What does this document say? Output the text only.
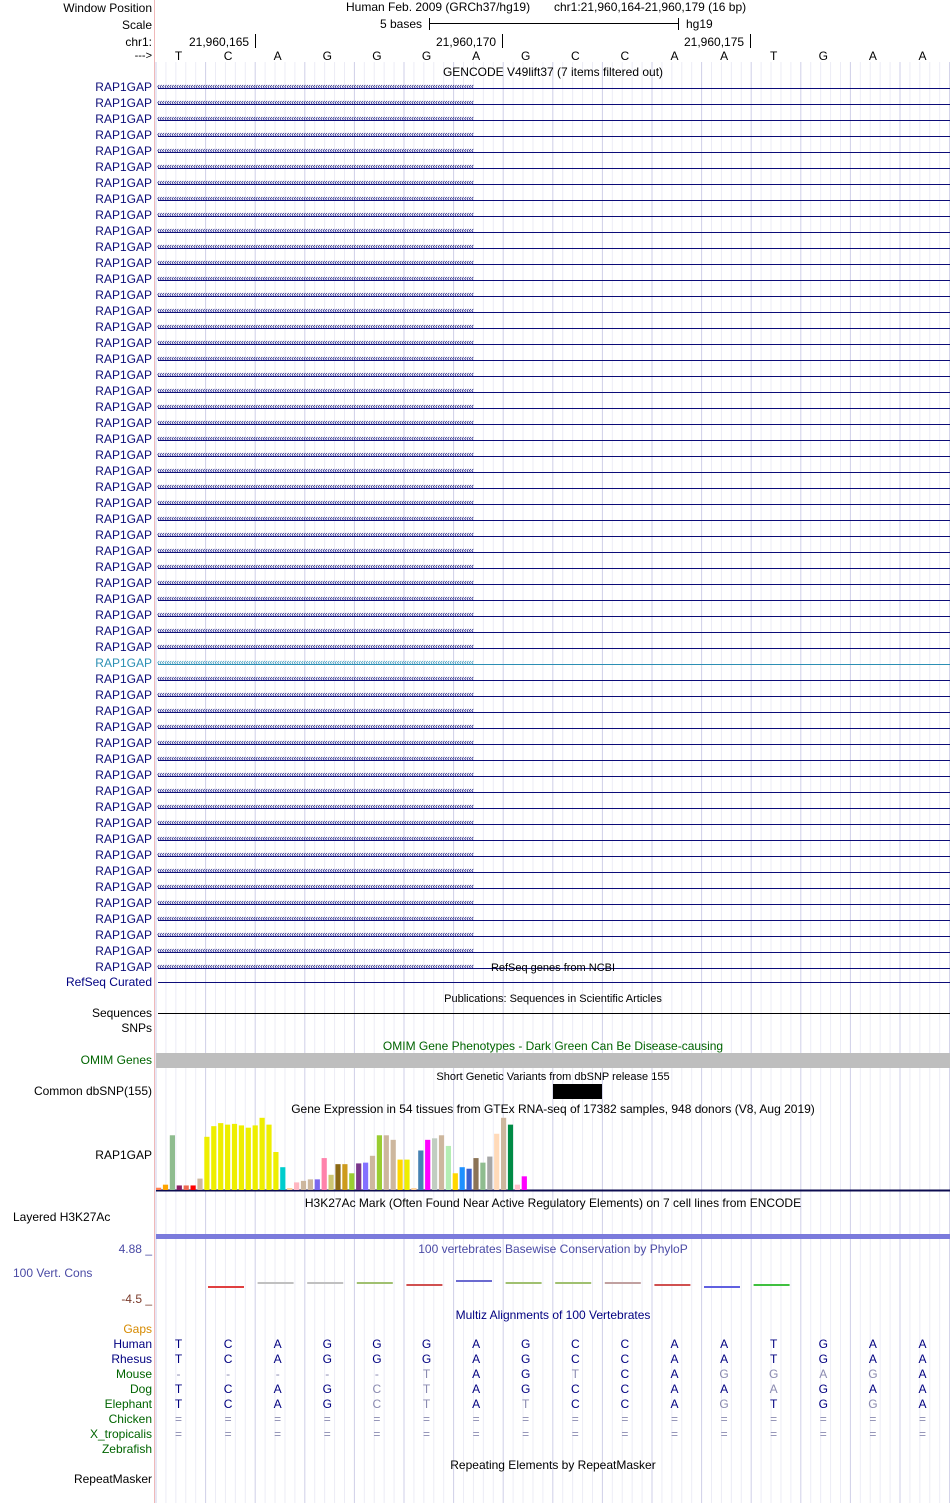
Window Position	Human Feb. 2009 (GRCh37/hg19) chr1:21,960,164-21,960,179 (16 bp)
Scale	5 bases	hg19
chr1:	21,960,165	21,960,170	21,960,175
--->	T	C	A	G	G	G	A	G	C	C	A	A	T	G	A	A
GENCODE V49lift37 (7 items filtered out)
RAP1GAP ‹‹‹‹‹‹‹‹‹‹‹‹‹‹‹‹‹‹‹‹‹‹‹‹‹‹‹‹‹‹‹‹‹‹‹‹‹‹‹‹‹‹‹‹‹‹‹‹‹‹‹‹‹‹‹‹‹‹‹‹‹‹‹‹‹‹‹‹‹‹‹‹‹‹‹‹‹‹‹‹‹‹‹‹‹‹‹‹‹‹‹‹‹‹‹‹‹‹‹‹‹‹‹‹‹‹‹‹‹‹‹‹‹‹‹‹‹‹‹‹‹‹‹‹‹‹‹‹‹‹‹‹
RAP1GAP ‹‹‹‹‹‹‹‹‹‹‹‹‹‹‹‹‹‹‹‹‹‹‹‹‹‹‹‹‹‹‹‹‹‹‹‹‹‹‹‹‹‹‹‹‹‹‹‹‹‹‹‹‹‹‹‹‹‹‹‹‹‹‹‹‹‹‹‹‹‹‹‹‹‹‹‹‹‹‹‹‹‹‹‹‹‹‹‹‹‹‹‹‹‹‹‹‹‹‹‹‹‹‹‹‹‹‹‹‹‹‹‹‹‹‹‹‹‹‹‹‹‹‹‹‹‹‹‹‹‹‹‹
RAP1GAP ‹‹‹‹‹‹‹‹‹‹‹‹‹‹‹‹‹‹‹‹‹‹‹‹‹‹‹‹‹‹‹‹‹‹‹‹‹‹‹‹‹‹‹‹‹‹‹‹‹‹‹‹‹‹‹‹‹‹‹‹‹‹‹‹‹‹‹‹‹‹‹‹‹‹‹‹‹‹‹‹‹‹‹‹‹‹‹‹‹‹‹‹‹‹‹‹‹‹‹‹‹‹‹‹‹‹‹‹‹‹‹‹‹‹‹‹‹‹‹‹‹‹‹‹‹‹‹‹‹‹‹‹
RAP1GAP ‹‹‹‹‹‹‹‹‹‹‹‹‹‹‹‹‹‹‹‹‹‹‹‹‹‹‹‹‹‹‹‹‹‹‹‹‹‹‹‹‹‹‹‹‹‹‹‹‹‹‹‹‹‹‹‹‹‹‹‹‹‹‹‹‹‹‹‹‹‹‹‹‹‹‹‹‹‹‹‹‹‹‹‹‹‹‹‹‹‹‹‹‹‹‹‹‹‹‹‹‹‹‹‹‹‹‹‹‹‹‹‹‹‹‹‹‹‹‹‹‹‹‹‹‹‹‹‹‹‹‹‹
RAP1GAP ‹‹‹‹‹‹‹‹‹‹‹‹‹‹‹‹‹‹‹‹‹‹‹‹‹‹‹‹‹‹‹‹‹‹‹‹‹‹‹‹‹‹‹‹‹‹‹‹‹‹‹‹‹‹‹‹‹‹‹‹‹‹‹‹‹‹‹‹‹‹‹‹‹‹‹‹‹‹‹‹‹‹‹‹‹‹‹‹‹‹‹‹‹‹‹‹‹‹‹‹‹‹‹‹‹‹‹‹‹‹‹‹‹‹‹‹‹‹‹‹‹‹‹‹‹‹‹‹‹‹‹‹
RAP1GAP ‹‹‹‹‹‹‹‹‹‹‹‹‹‹‹‹‹‹‹‹‹‹‹‹‹‹‹‹‹‹‹‹‹‹‹‹‹‹‹‹‹‹‹‹‹‹‹‹‹‹‹‹‹‹‹‹‹‹‹‹‹‹‹‹‹‹‹‹‹‹‹‹‹‹‹‹‹‹‹‹‹‹‹‹‹‹‹‹‹‹‹‹‹‹‹‹‹‹‹‹‹‹‹‹‹‹‹‹‹‹‹‹‹‹‹‹‹‹‹‹‹‹‹‹‹‹‹‹‹‹‹‹
RAP1GAP ‹‹‹‹‹‹‹‹‹‹‹‹‹‹‹‹‹‹‹‹‹‹‹‹‹‹‹‹‹‹‹‹‹‹‹‹‹‹‹‹‹‹‹‹‹‹‹‹‹‹‹‹‹‹‹‹‹‹‹‹‹‹‹‹‹‹‹‹‹‹‹‹‹‹‹‹‹‹‹‹‹‹‹‹‹‹‹‹‹‹‹‹‹‹‹‹‹‹‹‹‹‹‹‹‹‹‹‹‹‹‹‹‹‹‹‹‹‹‹‹‹‹‹‹‹‹‹‹‹‹‹‹
RAP1GAP ‹‹‹‹‹‹‹‹‹‹‹‹‹‹‹‹‹‹‹‹‹‹‹‹‹‹‹‹‹‹‹‹‹‹‹‹‹‹‹‹‹‹‹‹‹‹‹‹‹‹‹‹‹‹‹‹‹‹‹‹‹‹‹‹‹‹‹‹‹‹‹‹‹‹‹‹‹‹‹‹‹‹‹‹‹‹‹‹‹‹‹‹‹‹‹‹‹‹‹‹‹‹‹‹‹‹‹‹‹‹‹‹‹‹‹‹‹‹‹‹‹‹‹‹‹‹‹‹‹‹‹‹
RAP1GAP ‹‹‹‹‹‹‹‹‹‹‹‹‹‹‹‹‹‹‹‹‹‹‹‹‹‹‹‹‹‹‹‹‹‹‹‹‹‹‹‹‹‹‹‹‹‹‹‹‹‹‹‹‹‹‹‹‹‹‹‹‹‹‹‹‹‹‹‹‹‹‹‹‹‹‹‹‹‹‹‹‹‹‹‹‹‹‹‹‹‹‹‹‹‹‹‹‹‹‹‹‹‹‹‹‹‹‹‹‹‹‹‹‹‹‹‹‹‹‹‹‹‹‹‹‹‹‹‹‹‹‹‹
RAP1GAP ‹‹‹‹‹‹‹‹‹‹‹‹‹‹‹‹‹‹‹‹‹‹‹‹‹‹‹‹‹‹‹‹‹‹‹‹‹‹‹‹‹‹‹‹‹‹‹‹‹‹‹‹‹‹‹‹‹‹‹‹‹‹‹‹‹‹‹‹‹‹‹‹‹‹‹‹‹‹‹‹‹‹‹‹‹‹‹‹‹‹‹‹‹‹‹‹‹‹‹‹‹‹‹‹‹‹‹‹‹‹‹‹‹‹‹‹‹‹‹‹‹‹‹‹‹‹‹‹‹‹‹‹
RAP1GAP ‹‹‹‹‹‹‹‹‹‹‹‹‹‹‹‹‹‹‹‹‹‹‹‹‹‹‹‹‹‹‹‹‹‹‹‹‹‹‹‹‹‹‹‹‹‹‹‹‹‹‹‹‹‹‹‹‹‹‹‹‹‹‹‹‹‹‹‹‹‹‹‹‹‹‹‹‹‹‹‹‹‹‹‹‹‹‹‹‹‹‹‹‹‹‹‹‹‹‹‹‹‹‹‹‹‹‹‹‹‹‹‹‹‹‹‹‹‹‹‹‹‹‹‹‹‹‹‹‹‹‹‹
RAP1GAP ‹‹‹‹‹‹‹‹‹‹‹‹‹‹‹‹‹‹‹‹‹‹‹‹‹‹‹‹‹‹‹‹‹‹‹‹‹‹‹‹‹‹‹‹‹‹‹‹‹‹‹‹‹‹‹‹‹‹‹‹‹‹‹‹‹‹‹‹‹‹‹‹‹‹‹‹‹‹‹‹‹‹‹‹‹‹‹‹‹‹‹‹‹‹‹‹‹‹‹‹‹‹‹‹‹‹‹‹‹‹‹‹‹‹‹‹‹‹‹‹‹‹‹‹‹‹‹‹‹‹‹‹
RAP1GAP ‹‹‹‹‹‹‹‹‹‹‹‹‹‹‹‹‹‹‹‹‹‹‹‹‹‹‹‹‹‹‹‹‹‹‹‹‹‹‹‹‹‹‹‹‹‹‹‹‹‹‹‹‹‹‹‹‹‹‹‹‹‹‹‹‹‹‹‹‹‹‹‹‹‹‹‹‹‹‹‹‹‹‹‹‹‹‹‹‹‹‹‹‹‹‹‹‹‹‹‹‹‹‹‹‹‹‹‹‹‹‹‹‹‹‹‹‹‹‹‹‹‹‹‹‹‹‹‹‹‹‹‹
RAP1GAP ‹‹‹‹‹‹‹‹‹‹‹‹‹‹‹‹‹‹‹‹‹‹‹‹‹‹‹‹‹‹‹‹‹‹‹‹‹‹‹‹‹‹‹‹‹‹‹‹‹‹‹‹‹‹‹‹‹‹‹‹‹‹‹‹‹‹‹‹‹‹‹‹‹‹‹‹‹‹‹‹‹‹‹‹‹‹‹‹‹‹‹‹‹‹‹‹‹‹‹‹‹‹‹‹‹‹‹‹‹‹‹‹‹‹‹‹‹‹‹‹‹‹‹‹‹‹‹‹‹‹‹‹
RAP1GAP ‹‹‹‹‹‹‹‹‹‹‹‹‹‹‹‹‹‹‹‹‹‹‹‹‹‹‹‹‹‹‹‹‹‹‹‹‹‹‹‹‹‹‹‹‹‹‹‹‹‹‹‹‹‹‹‹‹‹‹‹‹‹‹‹‹‹‹‹‹‹‹‹‹‹‹‹‹‹‹‹‹‹‹‹‹‹‹‹‹‹‹‹‹‹‹‹‹‹‹‹‹‹‹‹‹‹‹‹‹‹‹‹‹‹‹‹‹‹‹‹‹‹‹‹‹‹‹‹‹‹‹‹
RAP1GAP ‹‹‹‹‹‹‹‹‹‹‹‹‹‹‹‹‹‹‹‹‹‹‹‹‹‹‹‹‹‹‹‹‹‹‹‹‹‹‹‹‹‹‹‹‹‹‹‹‹‹‹‹‹‹‹‹‹‹‹‹‹‹‹‹‹‹‹‹‹‹‹‹‹‹‹‹‹‹‹‹‹‹‹‹‹‹‹‹‹‹‹‹‹‹‹‹‹‹‹‹‹‹‹‹‹‹‹‹‹‹‹‹‹‹‹‹‹‹‹‹‹‹‹‹‹‹‹‹‹‹‹‹
RAP1GAP ‹‹‹‹‹‹‹‹‹‹‹‹‹‹‹‹‹‹‹‹‹‹‹‹‹‹‹‹‹‹‹‹‹‹‹‹‹‹‹‹‹‹‹‹‹‹‹‹‹‹‹‹‹‹‹‹‹‹‹‹‹‹‹‹‹‹‹‹‹‹‹‹‹‹‹‹‹‹‹‹‹‹‹‹‹‹‹‹‹‹‹‹‹‹‹‹‹‹‹‹‹‹‹‹‹‹‹‹‹‹‹‹‹‹‹‹‹‹‹‹‹‹‹‹‹‹‹‹‹‹‹‹
RAP1GAP ‹‹‹‹‹‹‹‹‹‹‹‹‹‹‹‹‹‹‹‹‹‹‹‹‹‹‹‹‹‹‹‹‹‹‹‹‹‹‹‹‹‹‹‹‹‹‹‹‹‹‹‹‹‹‹‹‹‹‹‹‹‹‹‹‹‹‹‹‹‹‹‹‹‹‹‹‹‹‹‹‹‹‹‹‹‹‹‹‹‹‹‹‹‹‹‹‹‹‹‹‹‹‹‹‹‹‹‹‹‹‹‹‹‹‹‹‹‹‹‹‹‹‹‹‹‹‹‹‹‹‹‹
RAP1GAP ‹‹‹‹‹‹‹‹‹‹‹‹‹‹‹‹‹‹‹‹‹‹‹‹‹‹‹‹‹‹‹‹‹‹‹‹‹‹‹‹‹‹‹‹‹‹‹‹‹‹‹‹‹‹‹‹‹‹‹‹‹‹‹‹‹‹‹‹‹‹‹‹‹‹‹‹‹‹‹‹‹‹‹‹‹‹‹‹‹‹‹‹‹‹‹‹‹‹‹‹‹‹‹‹‹‹‹‹‹‹‹‹‹‹‹‹‹‹‹‹‹‹‹‹‹‹‹‹‹‹‹‹
RAP1GAP ‹‹‹‹‹‹‹‹‹‹‹‹‹‹‹‹‹‹‹‹‹‹‹‹‹‹‹‹‹‹‹‹‹‹‹‹‹‹‹‹‹‹‹‹‹‹‹‹‹‹‹‹‹‹‹‹‹‹‹‹‹‹‹‹‹‹‹‹‹‹‹‹‹‹‹‹‹‹‹‹‹‹‹‹‹‹‹‹‹‹‹‹‹‹‹‹‹‹‹‹‹‹‹‹‹‹‹‹‹‹‹‹‹‹‹‹‹‹‹‹‹‹‹‹‹‹‹‹‹‹‹‹
RAP1GAP ‹‹‹‹‹‹‹‹‹‹‹‹‹‹‹‹‹‹‹‹‹‹‹‹‹‹‹‹‹‹‹‹‹‹‹‹‹‹‹‹‹‹‹‹‹‹‹‹‹‹‹‹‹‹‹‹‹‹‹‹‹‹‹‹‹‹‹‹‹‹‹‹‹‹‹‹‹‹‹‹‹‹‹‹‹‹‹‹‹‹‹‹‹‹‹‹‹‹‹‹‹‹‹‹‹‹‹‹‹‹‹‹‹‹‹‹‹‹‹‹‹‹‹‹‹‹‹‹‹‹‹‹
RAP1GAP ‹‹‹‹‹‹‹‹‹‹‹‹‹‹‹‹‹‹‹‹‹‹‹‹‹‹‹‹‹‹‹‹‹‹‹‹‹‹‹‹‹‹‹‹‹‹‹‹‹‹‹‹‹‹‹‹‹‹‹‹‹‹‹‹‹‹‹‹‹‹‹‹‹‹‹‹‹‹‹‹‹‹‹‹‹‹‹‹‹‹‹‹‹‹‹‹‹‹‹‹‹‹‹‹‹‹‹‹‹‹‹‹‹‹‹‹‹‹‹‹‹‹‹‹‹‹‹‹‹‹‹‹
RAP1GAP ‹‹‹‹‹‹‹‹‹‹‹‹‹‹‹‹‹‹‹‹‹‹‹‹‹‹‹‹‹‹‹‹‹‹‹‹‹‹‹‹‹‹‹‹‹‹‹‹‹‹‹‹‹‹‹‹‹‹‹‹‹‹‹‹‹‹‹‹‹‹‹‹‹‹‹‹‹‹‹‹‹‹‹‹‹‹‹‹‹‹‹‹‹‹‹‹‹‹‹‹‹‹‹‹‹‹‹‹‹‹‹‹‹‹‹‹‹‹‹‹‹‹‹‹‹‹‹‹‹‹‹‹
RAP1GAP ‹‹‹‹‹‹‹‹‹‹‹‹‹‹‹‹‹‹‹‹‹‹‹‹‹‹‹‹‹‹‹‹‹‹‹‹‹‹‹‹‹‹‹‹‹‹‹‹‹‹‹‹‹‹‹‹‹‹‹‹‹‹‹‹‹‹‹‹‹‹‹‹‹‹‹‹‹‹‹‹‹‹‹‹‹‹‹‹‹‹‹‹‹‹‹‹‹‹‹‹‹‹‹‹‹‹‹‹‹‹‹‹‹‹‹‹‹‹‹‹‹‹‹‹‹‹‹‹‹‹‹‹
RAP1GAP ‹‹‹‹‹‹‹‹‹‹‹‹‹‹‹‹‹‹‹‹‹‹‹‹‹‹‹‹‹‹‹‹‹‹‹‹‹‹‹‹‹‹‹‹‹‹‹‹‹‹‹‹‹‹‹‹‹‹‹‹‹‹‹‹‹‹‹‹‹‹‹‹‹‹‹‹‹‹‹‹‹‹‹‹‹‹‹‹‹‹‹‹‹‹‹‹‹‹‹‹‹‹‹‹‹‹‹‹‹‹‹‹‹‹‹‹‹‹‹‹‹‹‹‹‹‹‹‹‹‹‹‹
RAP1GAP ‹‹‹‹‹‹‹‹‹‹‹‹‹‹‹‹‹‹‹‹‹‹‹‹‹‹‹‹‹‹‹‹‹‹‹‹‹‹‹‹‹‹‹‹‹‹‹‹‹‹‹‹‹‹‹‹‹‹‹‹‹‹‹‹‹‹‹‹‹‹‹‹‹‹‹‹‹‹‹‹‹‹‹‹‹‹‹‹‹‹‹‹‹‹‹‹‹‹‹‹‹‹‹‹‹‹‹‹‹‹‹‹‹‹‹‹‹‹‹‹‹‹‹‹‹‹‹‹‹‹‹‹
RAP1GAP ‹‹‹‹‹‹‹‹‹‹‹‹‹‹‹‹‹‹‹‹‹‹‹‹‹‹‹‹‹‹‹‹‹‹‹‹‹‹‹‹‹‹‹‹‹‹‹‹‹‹‹‹‹‹‹‹‹‹‹‹‹‹‹‹‹‹‹‹‹‹‹‹‹‹‹‹‹‹‹‹‹‹‹‹‹‹‹‹‹‹‹‹‹‹‹‹‹‹‹‹‹‹‹‹‹‹‹‹‹‹‹‹‹‹‹‹‹‹‹‹‹‹‹‹‹‹‹‹‹‹‹‹
RAP1GAP ‹‹‹‹‹‹‹‹‹‹‹‹‹‹‹‹‹‹‹‹‹‹‹‹‹‹‹‹‹‹‹‹‹‹‹‹‹‹‹‹‹‹‹‹‹‹‹‹‹‹‹‹‹‹‹‹‹‹‹‹‹‹‹‹‹‹‹‹‹‹‹‹‹‹‹‹‹‹‹‹‹‹‹‹‹‹‹‹‹‹‹‹‹‹‹‹‹‹‹‹‹‹‹‹‹‹‹‹‹‹‹‹‹‹‹‹‹‹‹‹‹‹‹‹‹‹‹‹‹‹‹‹
RAP1GAP ‹‹‹‹‹‹‹‹‹‹‹‹‹‹‹‹‹‹‹‹‹‹‹‹‹‹‹‹‹‹‹‹‹‹‹‹‹‹‹‹‹‹‹‹‹‹‹‹‹‹‹‹‹‹‹‹‹‹‹‹‹‹‹‹‹‹‹‹‹‹‹‹‹‹‹‹‹‹‹‹‹‹‹‹‹‹‹‹‹‹‹‹‹‹‹‹‹‹‹‹‹‹‹‹‹‹‹‹‹‹‹‹‹‹‹‹‹‹‹‹‹‹‹‹‹‹‹‹‹‹‹‹
RAP1GAP ‹‹‹‹‹‹‹‹‹‹‹‹‹‹‹‹‹‹‹‹‹‹‹‹‹‹‹‹‹‹‹‹‹‹‹‹‹‹‹‹‹‹‹‹‹‹‹‹‹‹‹‹‹‹‹‹‹‹‹‹‹‹‹‹‹‹‹‹‹‹‹‹‹‹‹‹‹‹‹‹‹‹‹‹‹‹‹‹‹‹‹‹‹‹‹‹‹‹‹‹‹‹‹‹‹‹‹‹‹‹‹‹‹‹‹‹‹‹‹‹‹‹‹‹‹‹‹‹‹‹‹‹
RAP1GAP ‹‹‹‹‹‹‹‹‹‹‹‹‹‹‹‹‹‹‹‹‹‹‹‹‹‹‹‹‹‹‹‹‹‹‹‹‹‹‹‹‹‹‹‹‹‹‹‹‹‹‹‹‹‹‹‹‹‹‹‹‹‹‹‹‹‹‹‹‹‹‹‹‹‹‹‹‹‹‹‹‹‹‹‹‹‹‹‹‹‹‹‹‹‹‹‹‹‹‹‹‹‹‹‹‹‹‹‹‹‹‹‹‹‹‹‹‹‹‹‹‹‹‹‹‹‹‹‹‹‹‹‹
RAP1GAP ‹‹‹‹‹‹‹‹‹‹‹‹‹‹‹‹‹‹‹‹‹‹‹‹‹‹‹‹‹‹‹‹‹‹‹‹‹‹‹‹‹‹‹‹‹‹‹‹‹‹‹‹‹‹‹‹‹‹‹‹‹‹‹‹‹‹‹‹‹‹‹‹‹‹‹‹‹‹‹‹‹‹‹‹‹‹‹‹‹‹‹‹‹‹‹‹‹‹‹‹‹‹‹‹‹‹‹‹‹‹‹‹‹‹‹‹‹‹‹‹‹‹‹‹‹‹‹‹‹‹‹‹
RAP1GAP ‹‹‹‹‹‹‹‹‹‹‹‹‹‹‹‹‹‹‹‹‹‹‹‹‹‹‹‹‹‹‹‹‹‹‹‹‹‹‹‹‹‹‹‹‹‹‹‹‹‹‹‹‹‹‹‹‹‹‹‹‹‹‹‹‹‹‹‹‹‹‹‹‹‹‹‹‹‹‹‹‹‹‹‹‹‹‹‹‹‹‹‹‹‹‹‹‹‹‹‹‹‹‹‹‹‹‹‹‹‹‹‹‹‹‹‹‹‹‹‹‹‹‹‹‹‹‹‹‹‹‹‹
RAP1GAP ‹‹‹‹‹‹‹‹‹‹‹‹‹‹‹‹‹‹‹‹‹‹‹‹‹‹‹‹‹‹‹‹‹‹‹‹‹‹‹‹‹‹‹‹‹‹‹‹‹‹‹‹‹‹‹‹‹‹‹‹‹‹‹‹‹‹‹‹‹‹‹‹‹‹‹‹‹‹‹‹‹‹‹‹‹‹‹‹‹‹‹‹‹‹‹‹‹‹‹‹‹‹‹‹‹‹‹‹‹‹‹‹‹‹‹‹‹‹‹‹‹‹‹‹‹‹‹‹‹‹‹‹
RAP1GAP ‹‹‹‹‹‹‹‹‹‹‹‹‹‹‹‹‹‹‹‹‹‹‹‹‹‹‹‹‹‹‹‹‹‹‹‹‹‹‹‹‹‹‹‹‹‹‹‹‹‹‹‹‹‹‹‹‹‹‹‹‹‹‹‹‹‹‹‹‹‹‹‹‹‹‹‹‹‹‹‹‹‹‹‹‹‹‹‹‹‹‹‹‹‹‹‹‹‹‹‹‹‹‹‹‹‹‹‹‹‹‹‹‹‹‹‹‹‹‹‹‹‹‹‹‹‹‹‹‹‹‹‹
RAP1GAP ‹‹‹‹‹‹‹‹‹‹‹‹‹‹‹‹‹‹‹‹‹‹‹‹‹‹‹‹‹‹‹‹‹‹‹‹‹‹‹‹‹‹‹‹‹‹‹‹‹‹‹‹‹‹‹‹‹‹‹‹‹‹‹‹‹‹‹‹‹‹‹‹‹‹‹‹‹‹‹‹‹‹‹‹‹‹‹‹‹‹‹‹‹‹‹‹‹‹‹‹‹‹‹‹‹‹‹‹‹‹‹‹‹‹‹‹‹‹‹‹‹‹‹‹‹‹‹‹‹‹‹‹
RAP1GAP ‹‹‹‹‹‹‹‹‹‹‹‹‹‹‹‹‹‹‹‹‹‹‹‹‹‹‹‹‹‹‹‹‹‹‹‹‹‹‹‹‹‹‹‹‹‹‹‹‹‹‹‹‹‹‹‹‹‹‹‹‹‹‹‹‹‹‹‹‹‹‹‹‹‹‹‹‹‹‹‹‹‹‹‹‹‹‹‹‹‹‹‹‹‹‹‹‹‹‹‹‹‹‹‹‹‹‹‹‹‹‹‹‹‹‹‹‹‹‹‹‹‹‹‹‹‹‹‹‹‹‹‹
RAP1GAP ‹‹‹‹‹‹‹‹‹‹‹‹‹‹‹‹‹‹‹‹‹‹‹‹‹‹‹‹‹‹‹‹‹‹‹‹‹‹‹‹‹‹‹‹‹‹‹‹‹‹‹‹‹‹‹‹‹‹‹‹‹‹‹‹‹‹‹‹‹‹‹‹‹‹‹‹‹‹‹‹‹‹‹‹‹‹‹‹‹‹‹‹‹‹‹‹‹‹‹‹‹‹‹‹‹‹‹‹‹‹‹‹‹‹‹‹‹‹‹‹‹‹‹‹‹‹‹‹‹‹‹‹
RAP1GAP ‹‹‹‹‹‹‹‹‹‹‹‹‹‹‹‹‹‹‹‹‹‹‹‹‹‹‹‹‹‹‹‹‹‹‹‹‹‹‹‹‹‹‹‹‹‹‹‹‹‹‹‹‹‹‹‹‹‹‹‹‹‹‹‹‹‹‹‹‹‹‹‹‹‹‹‹‹‹‹‹‹‹‹‹‹‹‹‹‹‹‹‹‹‹‹‹‹‹‹‹‹‹‹‹‹‹‹‹‹‹‹‹‹‹‹‹‹‹‹‹‹‹‹‹‹‹‹‹‹‹‹‹
RAP1GAP ‹‹‹‹‹‹‹‹‹‹‹‹‹‹‹‹‹‹‹‹‹‹‹‹‹‹‹‹‹‹‹‹‹‹‹‹‹‹‹‹‹‹‹‹‹‹‹‹‹‹‹‹‹‹‹‹‹‹‹‹‹‹‹‹‹‹‹‹‹‹‹‹‹‹‹‹‹‹‹‹‹‹‹‹‹‹‹‹‹‹‹‹‹‹‹‹‹‹‹‹‹‹‹‹‹‹‹‹‹‹‹‹‹‹‹‹‹‹‹‹‹‹‹‹‹‹‹‹‹‹‹‹
RAP1GAP ‹‹‹‹‹‹‹‹‹‹‹‹‹‹‹‹‹‹‹‹‹‹‹‹‹‹‹‹‹‹‹‹‹‹‹‹‹‹‹‹‹‹‹‹‹‹‹‹‹‹‹‹‹‹‹‹‹‹‹‹‹‹‹‹‹‹‹‹‹‹‹‹‹‹‹‹‹‹‹‹‹‹‹‹‹‹‹‹‹‹‹‹‹‹‹‹‹‹‹‹‹‹‹‹‹‹‹‹‹‹‹‹‹‹‹‹‹‹‹‹‹‹‹‹‹‹‹‹‹‹‹‹
RAP1GAP ‹‹‹‹‹‹‹‹‹‹‹‹‹‹‹‹‹‹‹‹‹‹‹‹‹‹‹‹‹‹‹‹‹‹‹‹‹‹‹‹‹‹‹‹‹‹‹‹‹‹‹‹‹‹‹‹‹‹‹‹‹‹‹‹‹‹‹‹‹‹‹‹‹‹‹‹‹‹‹‹‹‹‹‹‹‹‹‹‹‹‹‹‹‹‹‹‹‹‹‹‹‹‹‹‹‹‹‹‹‹‹‹‹‹‹‹‹‹‹‹‹‹‹‹‹‹‹‹‹‹‹‹
RAP1GAP ‹‹‹‹‹‹‹‹‹‹‹‹‹‹‹‹‹‹‹‹‹‹‹‹‹‹‹‹‹‹‹‹‹‹‹‹‹‹‹‹‹‹‹‹‹‹‹‹‹‹‹‹‹‹‹‹‹‹‹‹‹‹‹‹‹‹‹‹‹‹‹‹‹‹‹‹‹‹‹‹‹‹‹‹‹‹‹‹‹‹‹‹‹‹‹‹‹‹‹‹‹‹‹‹‹‹‹‹‹‹‹‹‹‹‹‹‹‹‹‹‹‹‹‹‹‹‹‹‹‹‹‹
RAP1GAP ‹‹‹‹‹‹‹‹‹‹‹‹‹‹‹‹‹‹‹‹‹‹‹‹‹‹‹‹‹‹‹‹‹‹‹‹‹‹‹‹‹‹‹‹‹‹‹‹‹‹‹‹‹‹‹‹‹‹‹‹‹‹‹‹‹‹‹‹‹‹‹‹‹‹‹‹‹‹‹‹‹‹‹‹‹‹‹‹‹‹‹‹‹‹‹‹‹‹‹‹‹‹‹‹‹‹‹‹‹‹‹‹‹‹‹‹‹‹‹‹‹‹‹‹‹‹‹‹‹‹‹‹
RAP1GAP ‹‹‹‹‹‹‹‹‹‹‹‹‹‹‹‹‹‹‹‹‹‹‹‹‹‹‹‹‹‹‹‹‹‹‹‹‹‹‹‹‹‹‹‹‹‹‹‹‹‹‹‹‹‹‹‹‹‹‹‹‹‹‹‹‹‹‹‹‹‹‹‹‹‹‹‹‹‹‹‹‹‹‹‹‹‹‹‹‹‹‹‹‹‹‹‹‹‹‹‹‹‹‹‹‹‹‹‹‹‹‹‹‹‹‹‹‹‹‹‹‹‹‹‹‹‹‹‹‹‹‹‹
RAP1GAP ‹‹‹‹‹‹‹‹‹‹‹‹‹‹‹‹‹‹‹‹‹‹‹‹‹‹‹‹‹‹‹‹‹‹‹‹‹‹‹‹‹‹‹‹‹‹‹‹‹‹‹‹‹‹‹‹‹‹‹‹‹‹‹‹‹‹‹‹‹‹‹‹‹‹‹‹‹‹‹‹‹‹‹‹‹‹‹‹‹‹‹‹‹‹‹‹‹‹‹‹‹‹‹‹‹‹‹‹‹‹‹‹‹‹‹‹‹‹‹‹‹‹‹‹‹‹‹‹‹‹‹‹
RAP1GAP ‹‹‹‹‹‹‹‹‹‹‹‹‹‹‹‹‹‹‹‹‹‹‹‹‹‹‹‹‹‹‹‹‹‹‹‹‹‹‹‹‹‹‹‹‹‹‹‹‹‹‹‹‹‹‹‹‹‹‹‹‹‹‹‹‹‹‹‹‹‹‹‹‹‹‹‹‹‹‹‹‹‹‹‹‹‹‹‹‹‹‹‹‹‹‹‹‹‹‹‹‹‹‹‹‹‹‹‹‹‹‹‹‹‹‹‹‹‹‹‹‹‹‹‹‹‹‹‹‹‹‹‹
RAP1GAP ‹‹‹‹‹‹‹‹‹‹‹‹‹‹‹‹‹‹‹‹‹‹‹‹‹‹‹‹‹‹‹‹‹‹‹‹‹‹‹‹‹‹‹‹‹‹‹‹‹‹‹‹‹‹‹‹‹‹‹‹‹‹‹‹‹‹‹‹‹‹‹‹‹‹‹‹‹‹‹‹‹‹‹‹‹‹‹‹‹‹‹‹‹‹‹‹‹‹‹‹‹‹‹‹‹‹‹‹‹‹‹‹‹‹‹‹‹‹‹‹‹‹‹‹‹‹‹‹‹‹‹‹
RAP1GAP ‹‹‹‹‹‹‹‹‹‹‹‹‹‹‹‹‹‹‹‹‹‹‹‹‹‹‹‹‹‹‹‹‹‹‹‹‹‹‹‹‹‹‹‹‹‹‹‹‹‹‹‹‹‹‹‹‹‹‹‹‹‹‹‹‹‹‹‹‹‹‹‹‹‹‹‹‹‹‹‹‹‹‹‹‹‹‹‹‹‹‹‹‹‹‹‹‹‹‹‹‹‹‹‹‹‹‹‹‹‹‹‹‹‹‹‹‹‹‹‹‹‹‹‹‹‹‹‹‹‹‹‹
RAP1GAP ‹‹‹‹‹‹‹‹‹‹‹‹‹‹‹‹‹‹‹‹‹‹‹‹‹‹‹‹‹‹‹‹‹‹‹‹‹‹‹‹‹‹‹‹‹‹‹‹‹‹‹‹‹‹‹‹‹‹‹‹‹‹‹‹‹‹‹‹‹‹‹‹‹‹‹‹‹‹‹‹‹‹‹‹‹‹‹‹‹‹‹‹‹‹‹‹‹‹‹‹‹‹‹‹‹‹‹‹‹‹‹‹‹‹‹‹‹‹‹‹‹‹‹‹‹‹‹‹‹‹‹‹
RAP1GAP ‹‹‹‹‹‹‹‹‹‹‹‹‹‹‹‹‹‹‹‹‹‹‹‹‹‹‹‹‹‹‹‹‹‹‹‹‹‹‹‹‹‹‹‹‹‹‹‹‹‹‹‹‹‹‹‹‹‹‹‹‹‹‹‹‹‹‹‹‹‹‹‹‹‹‹‹‹‹‹‹‹‹‹‹‹‹‹‹‹‹‹‹‹‹‹‹‹‹‹‹‹‹‹‹‹‹‹‹‹‹‹‹‹‹‹‹‹‹‹‹‹‹‹‹‹‹‹‹‹‹‹‹
RAP1GAP ‹‹‹‹‹‹‹‹‹‹‹‹‹‹‹‹‹‹‹‹‹‹‹‹‹‹‹‹‹‹‹‹‹‹‹‹‹‹‹‹‹‹‹‹‹‹‹‹‹‹‹‹‹‹‹‹‹‹‹‹‹‹‹‹‹‹‹‹‹‹‹‹‹‹‹‹‹‹‹‹‹‹‹‹‹‹‹‹‹‹‹‹‹‹‹‹‹‹‹‹‹‹‹‹‹‹‹‹‹‹‹‹‹‹‹‹‹‹‹‹‹‹‹‹‹‹‹‹‹‹‹‹
RAP1GAP ‹‹‹‹‹‹‹‹‹‹‹‹‹‹‹‹‹‹‹‹‹‹‹‹‹‹‹‹‹‹‹‹‹‹‹‹‹‹‹‹‹‹‹‹‹‹‹‹‹‹‹‹‹‹‹‹‹‹‹‹‹‹‹‹‹‹‹‹‹‹‹‹‹‹‹‹‹‹‹‹‹‹‹‹‹‹‹‹‹‹‹‹‹‹‹‹‹‹‹‹‹‹‹‹‹‹‹‹‹‹‹‹‹‹‹‹‹‹‹‹‹‹‹‹‹‹‹‹‹‹‹‹
RAP1GAP ‹‹‹‹‹‹‹‹‹‹‹‹‹‹‹‹‹‹‹‹‹‹‹‹‹‹‹‹‹‹‹‹‹‹‹‹‹‹‹‹‹‹‹‹‹‹‹‹‹‹‹‹‹‹‹‹‹‹‹‹‹‹‹‹‹‹‹‹‹‹‹‹‹‹‹‹‹‹‹‹‹‹‹‹‹‹‹‹‹‹‹‹‹‹‹‹‹‹‹‹‹‹‹‹‹‹‹‹‹‹‹‹‹‹‹‹‹‹‹‹‹‹‹‹‹‹‹‹‹‹‹‹
RAP1GAP ‹‹‹‹‹‹‹‹‹‹‹‹‹‹‹‹‹‹‹‹‹‹‹‹‹‹‹‹‹‹‹‹‹‹‹‹‹‹‹‹‹‹‹‹‹‹‹‹‹‹‹‹‹‹‹‹‹‹‹‹‹‹‹‹‹‹‹‹‹‹‹‹‹‹‹‹‹‹‹‹‹‹‹‹‹‹‹‹‹‹‹‹‹‹‹‹‹‹‹‹‹‹‹‹‹‹‹‹‹‹‹‹‹‹‹‹‹‹‹‹‹‹‹‹‹‹‹‹‹‹‹‹
RAP1GAP ‹‹‹‹‹‹‹‹‹‹‹‹‹‹‹‹‹‹‹‹‹‹‹‹‹‹‹‹‹‹‹‹‹‹‹‹‹‹‹‹‹‹‹‹‹‹‹‹‹‹‹‹‹‹‹‹‹‹‹‹‹‹‹‹‹‹‹‹‹‹‹‹‹‹‹‹‹‹‹‹‹‹‹‹‹‹‹‹‹‹‹‹‹‹‹‹‹‹‹‹‹‹‹‹‹‹‹‹‹‹‹‹‹‹‹‹‹‹‹‹‹‹‹‹‹‹‹‹‹‹‹‹	RefSeq genes from NCBI
RefSeq Curated
Publications: Sequences in Scientific Articles
Sequences
SNPs
OMIM Gene Phenotypes - Dark Green Can Be Disease-causing
OMIM Genes
Short Genetic Variants from dbSNP release 155
Common dbSNP(155)
Gene Expression in 54 tissues from GTEx RNA-seq of 17382 samples, 948 donors (V8, Aug 2019)
RAP1GAP
H3K27Ac Mark (Often Found Near Active Regulatory Elements) on 7 cell lines from ENCODE
Layered H3K27Ac
100 vertebrates Basewise Conservation by PhyloP
4.88 _
100 Vert. Cons
-4.5 _
Multiz Alignments of 100 Vertebrates
Gaps
Human	T	C	A	G	G	G	A	G	C	C	A	A	T	G	A	A
Rhesus	T	C	A	G	G	G	A	G	C	C	A	A	T	G	A	A
Mouse	-	-	-	-	-	T	A	G	T	C	A	G	G	A	G	A
Dog	T	C	A	G	C	T	A	G	C	C	A	A	A	G	A	A
Elephant	T	C	A	G	C	T	A	T	C	C	A	G	T	G	G	A
Chicken	=	=	=	=	=	=	=	=	=	=	=	=	=	=	=	=
X_tropicalis	=	=	=	=	=	=	=	=	=	=	=	=	=	=	=	=
Zebrafish
Repeating Elements by RepeatMasker
RepeatMasker
